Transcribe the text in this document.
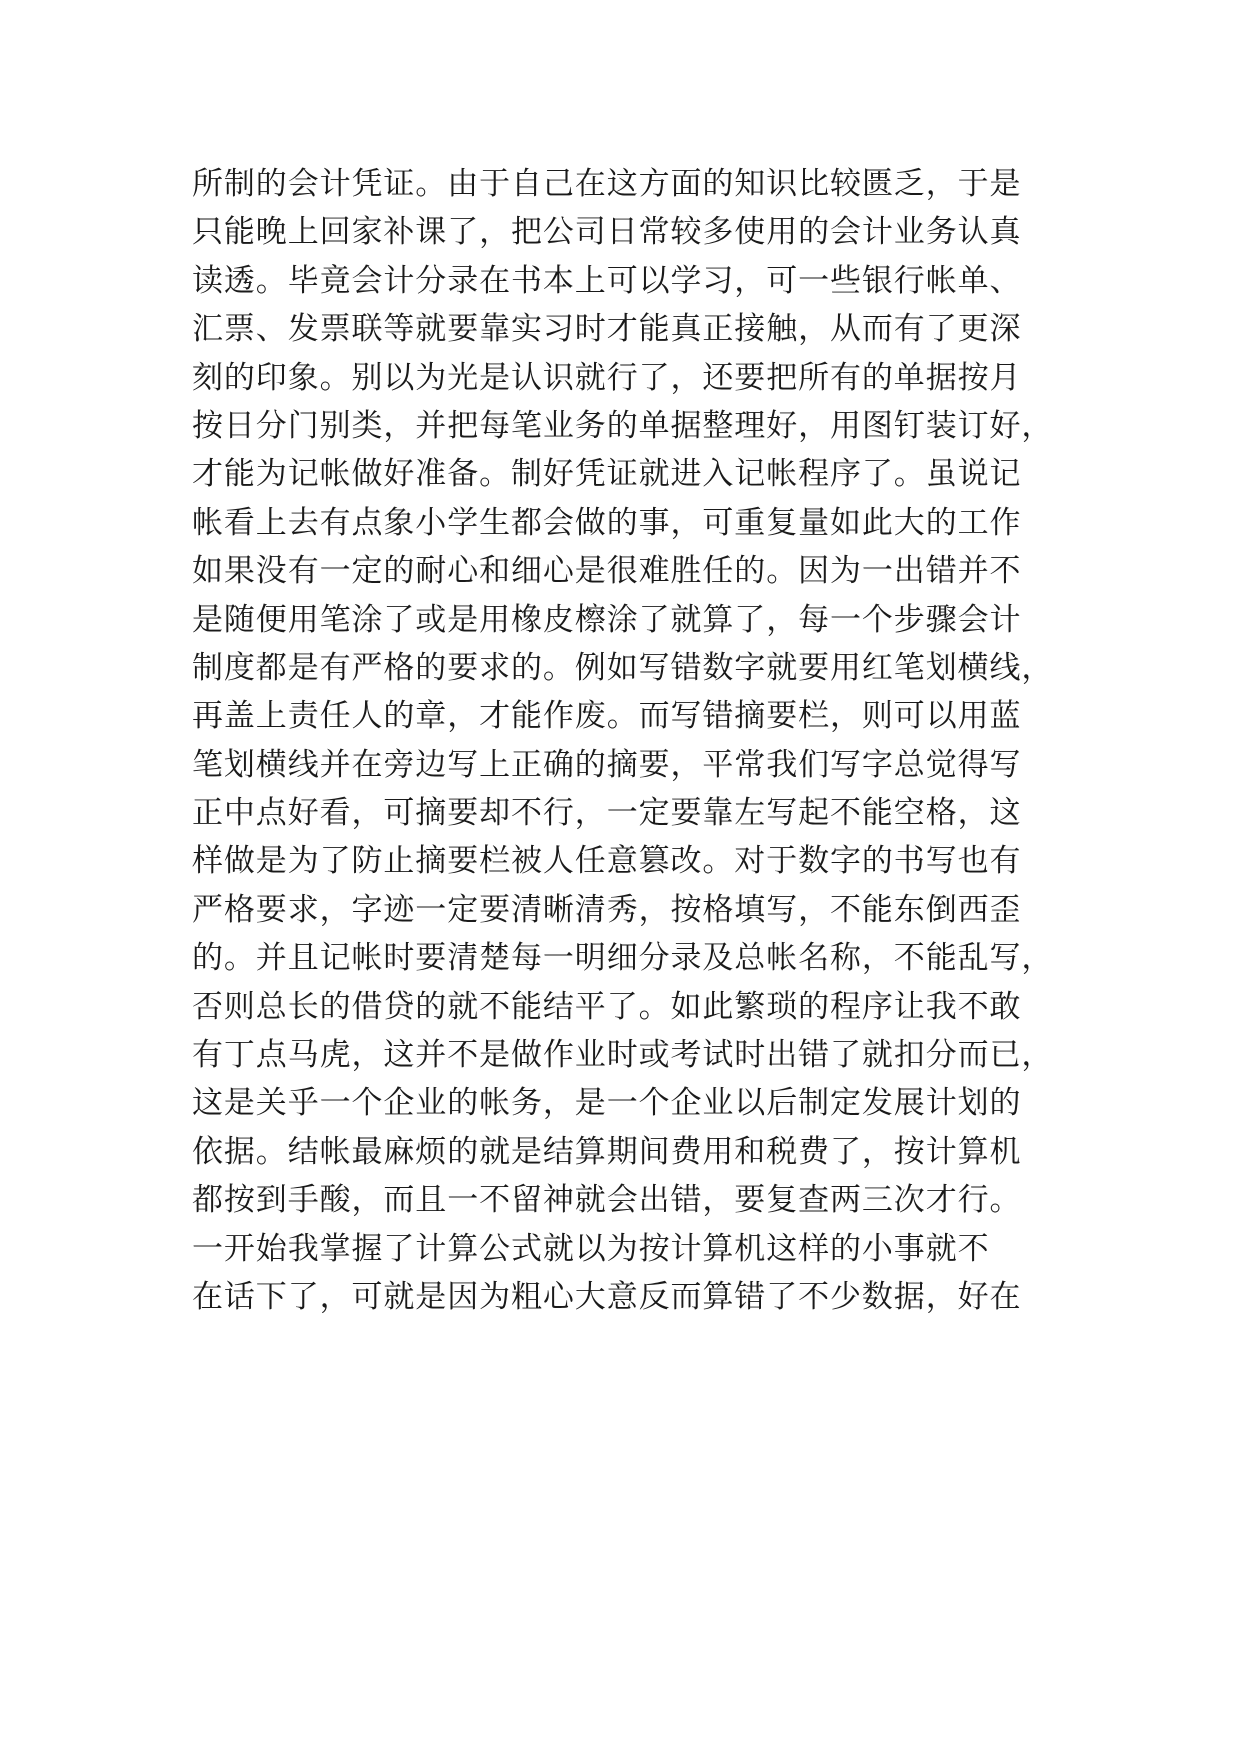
所制的会计凭证。由于自己在这方面的知识比较匮乏，于是
只能晚上回家补课了，把公司日常较多使用的会计业务认真
读透。毕竟会计分录在书本上可以学习，可一些银行帐单、
汇票、发票联等就要靠实习时才能真正接触，从而有了更深
刻的印象。别以为光是认识就行了，还要把所有的单据按月
按日分门别类，并把每笔业务的单据整理好，用图钉装订好，
才能为记帐做好准备。制好凭证就进入记帐程序了。虽说记
帐看上去有点象小学生都会做的事，可重复量如此大的工作
如果没有一定的耐心和细心是很难胜任的。因为一出错并不
是随便用笔涂了或是用橡皮檫涂了就算了，每一个步骤会计
制度都是有严格的要求的。例如写错数字就要用红笔划横线，
再盖上责任人的章，才能作废。而写错摘要栏，则可以用蓝
笔划横线并在旁边写上正确的摘要，平常我们写字总觉得写
正中点好看，可摘要却不行，一定要靠左写起不能空格，这
样做是为了防止摘要栏被人任意篡改。对于数字的书写也有
严格要求，字迹一定要清晰清秀，按格填写，不能东倒西歪
的。并且记帐时要清楚每一明细分录及总帐名称，不能乱写，
否则总长的借贷的就不能结平了。如此繁琐的程序让我不敢
有丁点马虎，这并不是做作业时或考试时出错了就扣分而已，
这是关乎一个企业的帐务，是一个企业以后制定发展计划的
依据。结帐最麻烦的就是结算期间费用和税费了，按计算机
都按到手酸，而且一不留神就会出错，要复查两三次才行。
一开始我掌握了计算公式就以为按计算机这样的小事就不
在话下了，可就是因为粗心大意反而算错了不少数据，好在
